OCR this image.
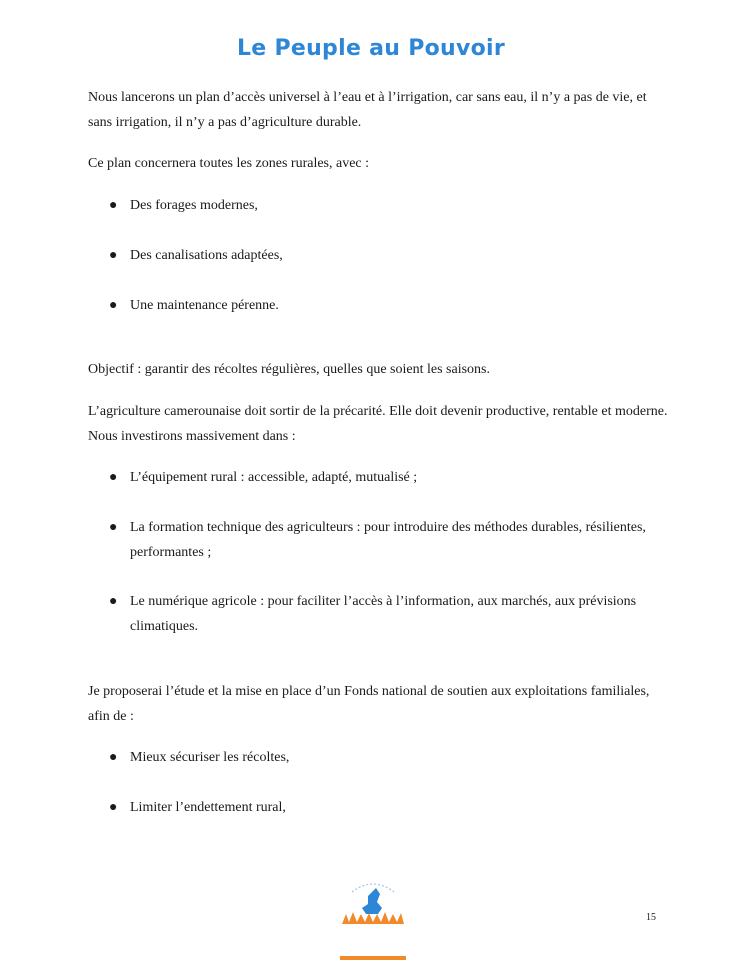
Le Peuple au Pouvoir

Nous lancerons un plan d’accès universel à l’eau et à l’irrigation, car sans eau, il n’y a pas de vie, et sans irrigation, il n’y a pas d’agriculture durable.

Ce plan concernera toutes les zones rurales, avec :

● Des forages modernes,
● Des canalisations adaptées,
● Une maintenance pérenne.

Objectif : garantir des récoltes régulières, quelles que soient les saisons.

L’agriculture camerounaise doit sortir de la précarité. Elle doit devenir productive, rentable et moderne. Nous investirons massivement dans :

● L’équipement rural : accessible, adapté, mutualisé ;
● La formation technique des agriculteurs : pour introduire des méthodes durables, résilientes, performantes ;
● Le numérique agricole : pour faciliter l’accès à l’information, aux marchés, aux prévisions climatiques.

Je proposerai l’étude et la mise en place d’un Fonds national de soutien aux exploitations familiales, afin de :

● Mieux sécuriser les récoltes,
● Limiter l’endettement rural,
15
